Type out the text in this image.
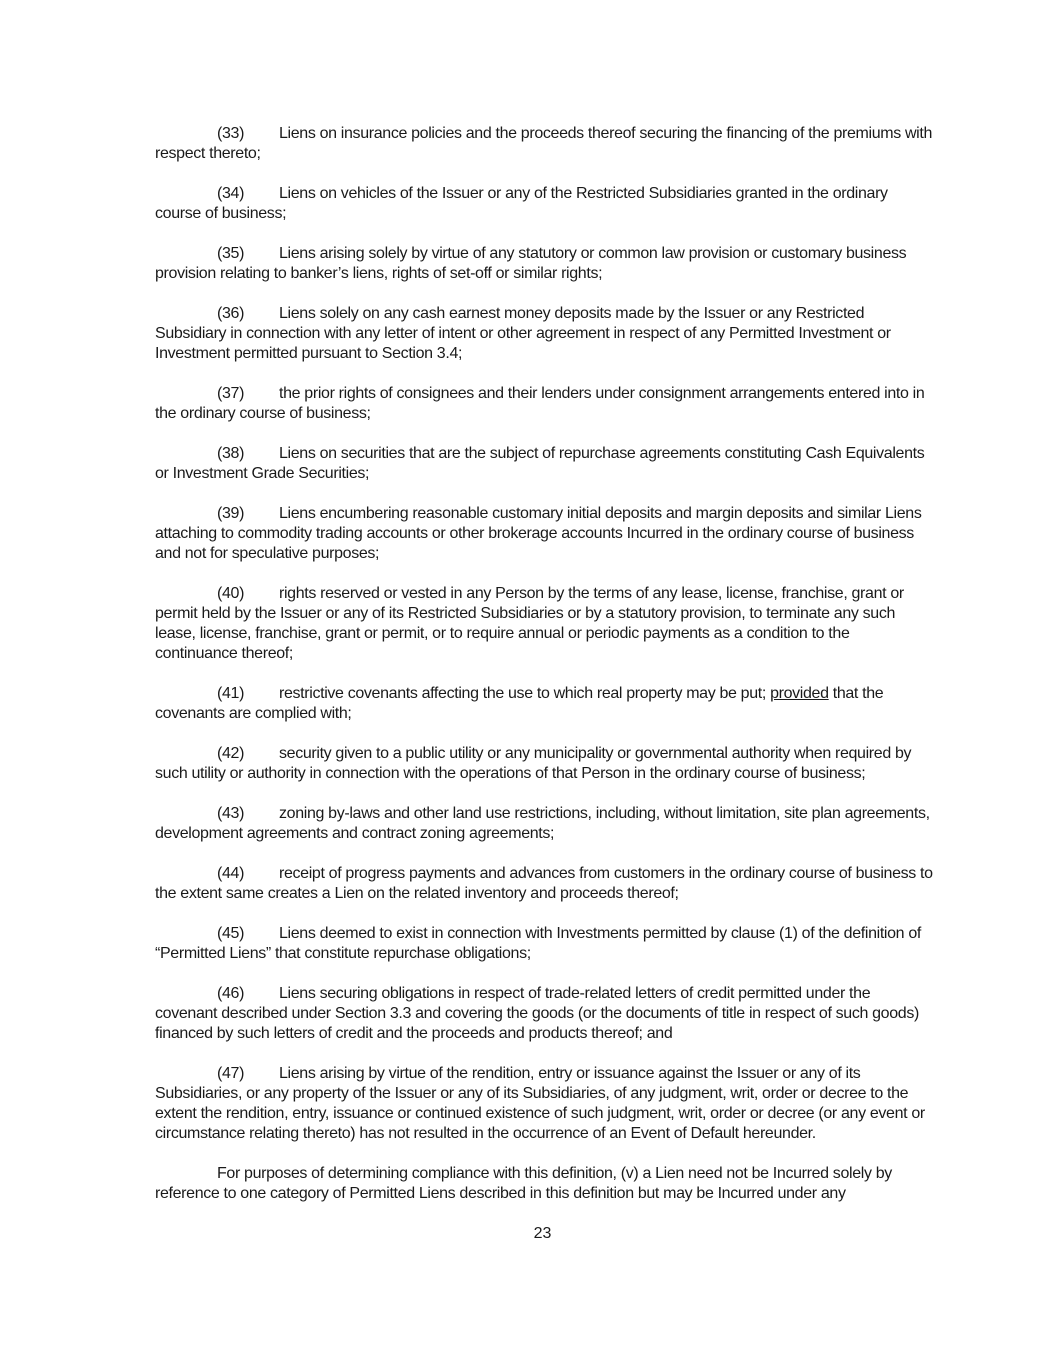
(33) Liens on insurance policies and the proceeds thereof securing the financing of the premiums with respect thereto;

(34) Liens on vehicles of the Issuer or any of the Restricted Subsidiaries granted in the ordinary course of business;

(35) Liens arising solely by virtue of any statutory or common law provision or customary business provision relating to banker’s liens, rights of set-off or similar rights;

(36) Liens solely on any cash earnest money deposits made by the Issuer or any Restricted Subsidiary in connection with any letter of intent or other agreement in respect of any Permitted Investment or Investment permitted pursuant to Section 3.4;

(37) the prior rights of consignees and their lenders under consignment arrangements entered into in the ordinary course of business;

(38) Liens on securities that are the subject of repurchase agreements constituting Cash Equivalents or Investment Grade Securities;

(39) Liens encumbering reasonable customary initial deposits and margin deposits and similar Liens attaching to commodity trading accounts or other brokerage accounts Incurred in the ordinary course of business and not for speculative purposes;

(40) rights reserved or vested in any Person by the terms of any lease, license, franchise, grant or permit held by the Issuer or any of its Restricted Subsidiaries or by a statutory provision, to terminate any such lease, license, franchise, grant or permit, or to require annual or periodic payments as a condition to the continuance thereof;

(41) restrictive covenants affecting the use to which real property may be put; provided that the covenants are complied with;

(42) security given to a public utility or any municipality or governmental authority when required by such utility or authority in connection with the operations of that Person in the ordinary course of business;

(43) zoning by-laws and other land use restrictions, including, without limitation, site plan agreements, development agreements and contract zoning agreements;

(44) receipt of progress payments and advances from customers in the ordinary course of business to the extent same creates a Lien on the related inventory and proceeds thereof;

(45) Liens deemed to exist in connection with Investments permitted by clause (1) of the definition of “Permitted Liens” that constitute repurchase obligations;

(46) Liens securing obligations in respect of trade-related letters of credit permitted under the covenant described under Section 3.3 and covering the goods (or the documents of title in respect of such goods) financed by such letters of credit and the proceeds and products thereof; and

(47) Liens arising by virtue of the rendition, entry or issuance against the Issuer or any of its Subsidiaries, or any property of the Issuer or any of its Subsidiaries, of any judgment, writ, order or decree to the extent the rendition, entry, issuance or continued existence of such judgment, writ, order or decree (or any event or circumstance relating thereto) has not resulted in the occurrence of an Event of Default hereunder.

For purposes of determining compliance with this definition, (v) a Lien need not be Incurred solely by reference to one category of Permitted Liens described in this definition but may be Incurred under any

23
